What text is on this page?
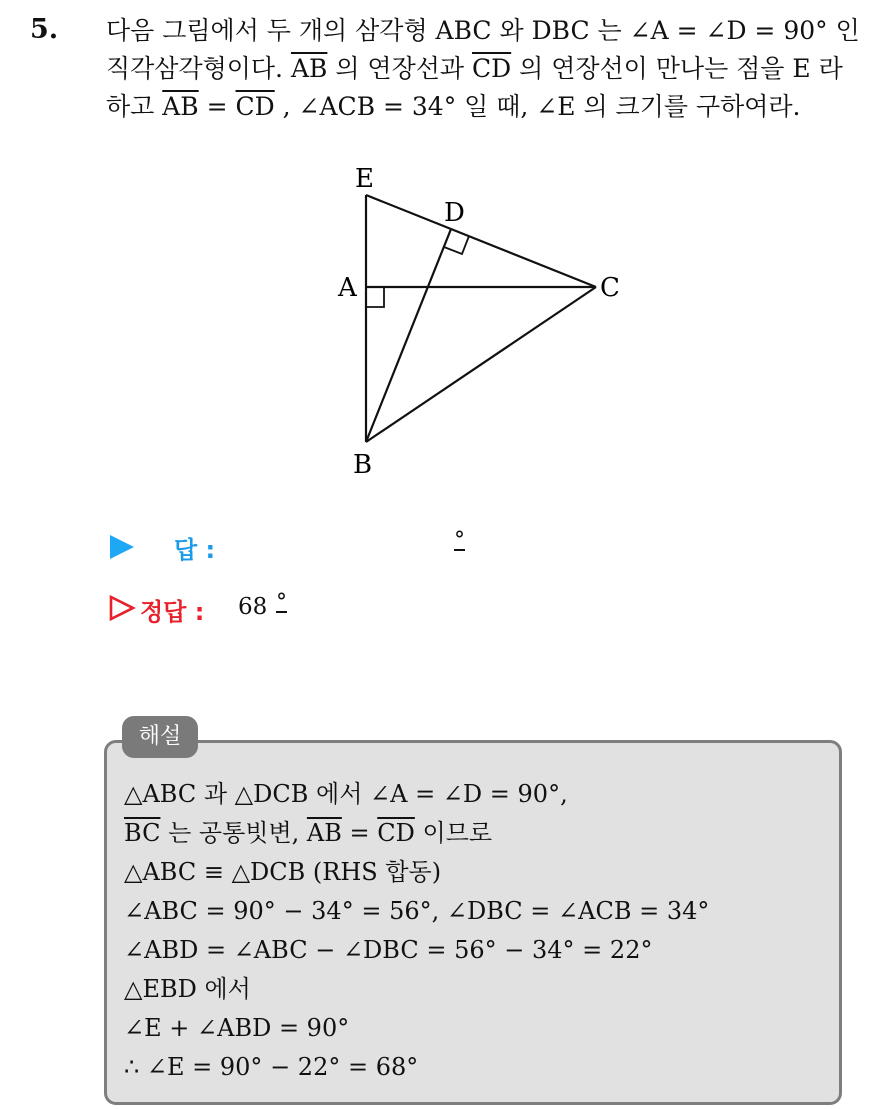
5. 다음 그림에서 두 개의 삼각형 ABC 와 DBC 는 ∠A = ∠D = 90° 인
직각삼각형이다. $\overline{AB}$ 의 연장선과 $\overline{CD}$ 의 연장선이 만나는 점을 E 라
하고 $\overline{AB} = \overline{CD}$ , ∠ACB = 34° 일 때, ∠E 의 크기를 구하여라.
E
D
A	C
B
답 :	°
정답 : 68 °
해설
△ABC 과 △DCB 에서 ∠A = ∠D = 90°,
$\overline{BC}$ 는 공통빗변, $\overline{AB} = \overline{CD}$ 이므로
△ABC ≡ △DCB (RHS 합동)
∠ABC = 90° − 34° = 56°, ∠DBC = ∠ACB = 34°
∠ABD = ∠ABC − ∠DBC = 56° − 34° = 22°
△EBD 에서
∠E + ∠ABD = 90°
∴ ∠E = 90° − 22° = 68°
